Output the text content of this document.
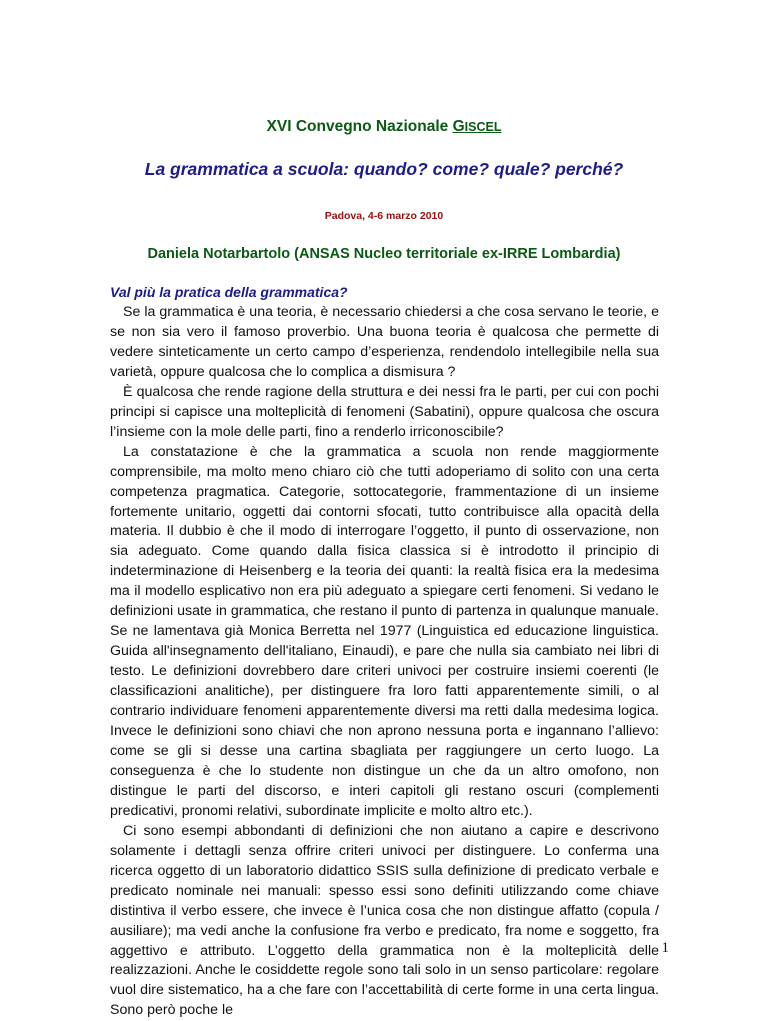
XVI Convegno Nazionale GISCEL
La grammatica a scuola: quando? come? quale? perché?
Padova, 4-6 marzo 2010
Daniela Notarbartolo (ANSAS Nucleo territoriale ex-IRRE Lombardia)
Val più la pratica della grammatica?

Se la grammatica è una teoria, è necessario chiedersi a che cosa servano le teorie, e se non sia vero il famoso proverbio. Una buona teoria è qualcosa che permette di vedere sinteticamente un certo campo d’esperienza, rendendolo intellegibile nella sua varietà, oppure qualcosa che lo complica a dismisura ?

È qualcosa che rende ragione della struttura e dei nessi fra le parti, per cui con pochi principi si capisce una molteplicità di fenomeni (Sabatini), oppure qualcosa che oscura l’insieme con la mole delle parti, fino a renderlo irriconoscibile?

La constatazione è che la grammatica a scuola non rende maggiormente comprensibile, ma molto meno chiaro ciò che tutti adoperiamo di solito con una certa competenza pragmatica. Categorie, sottocategorie, frammentazione di un insieme fortemente unitario, oggetti dai contorni sfocati, tutto contribuisce alla opacità della materia. Il dubbio è che il modo di interrogare l’oggetto, il punto di osservazione, non sia adeguato. Come quando dalla fisica classica si è introdotto il principio di indeterminazione di Heisenberg e la teoria dei quanti: la realtà fisica era la medesima ma il modello esplicativo non era più adeguato a spiegare certi fenomeni. Si vedano le definizioni usate in grammatica, che restano il punto di partenza in qualunque manuale. Se ne lamentava già Monica Berretta nel 1977 (Linguistica ed educazione linguistica. Guida all'insegnamento dell'italiano, Einaudi), e pare che nulla sia cambiato nei libri di testo. Le definizioni dovrebbero dare criteri univoci per costruire insiemi coerenti (le classificazioni analitiche), per distinguere fra loro fatti apparentemente simili, o al contrario individuare fenomeni apparentemente diversi ma retti dalla medesima logica. Invece le definizioni sono chiavi che non aprono nessuna porta e ingannano l’allievo: come se gli si desse una cartina sbagliata per raggiungere un certo luogo. La conseguenza è che lo studente non distingue un che da un altro omofono, non distingue le parti del discorso, e interi capitoli gli restano oscuri (complementi predicativi, pronomi relativi, subordinate implicite e molto altro etc.).

Ci sono esempi abbondanti di definizioni che non aiutano a capire e descrivono solamente i dettagli senza offrire criteri univoci per distinguere. Lo conferma una ricerca oggetto di un laboratorio didattico SSIS sulla definizione di predicato verbale e predicato nominale nei manuali: spesso essi sono definiti utilizzando come chiave distintiva il verbo essere, che invece è l’unica cosa che non distingue affatto (copula / ausiliare); ma vedi anche la confusione fra verbo e predicato, fra nome e soggetto, fra aggettivo e attributo. L’oggetto della grammatica non è la molteplicità delle realizzazioni. Anche le cosiddette regole sono tali solo in un senso particolare: regolare vuol dire sistematico, ha a che fare con l’accettabilità di certe forme in una certa lingua. Sono però poche le

1
